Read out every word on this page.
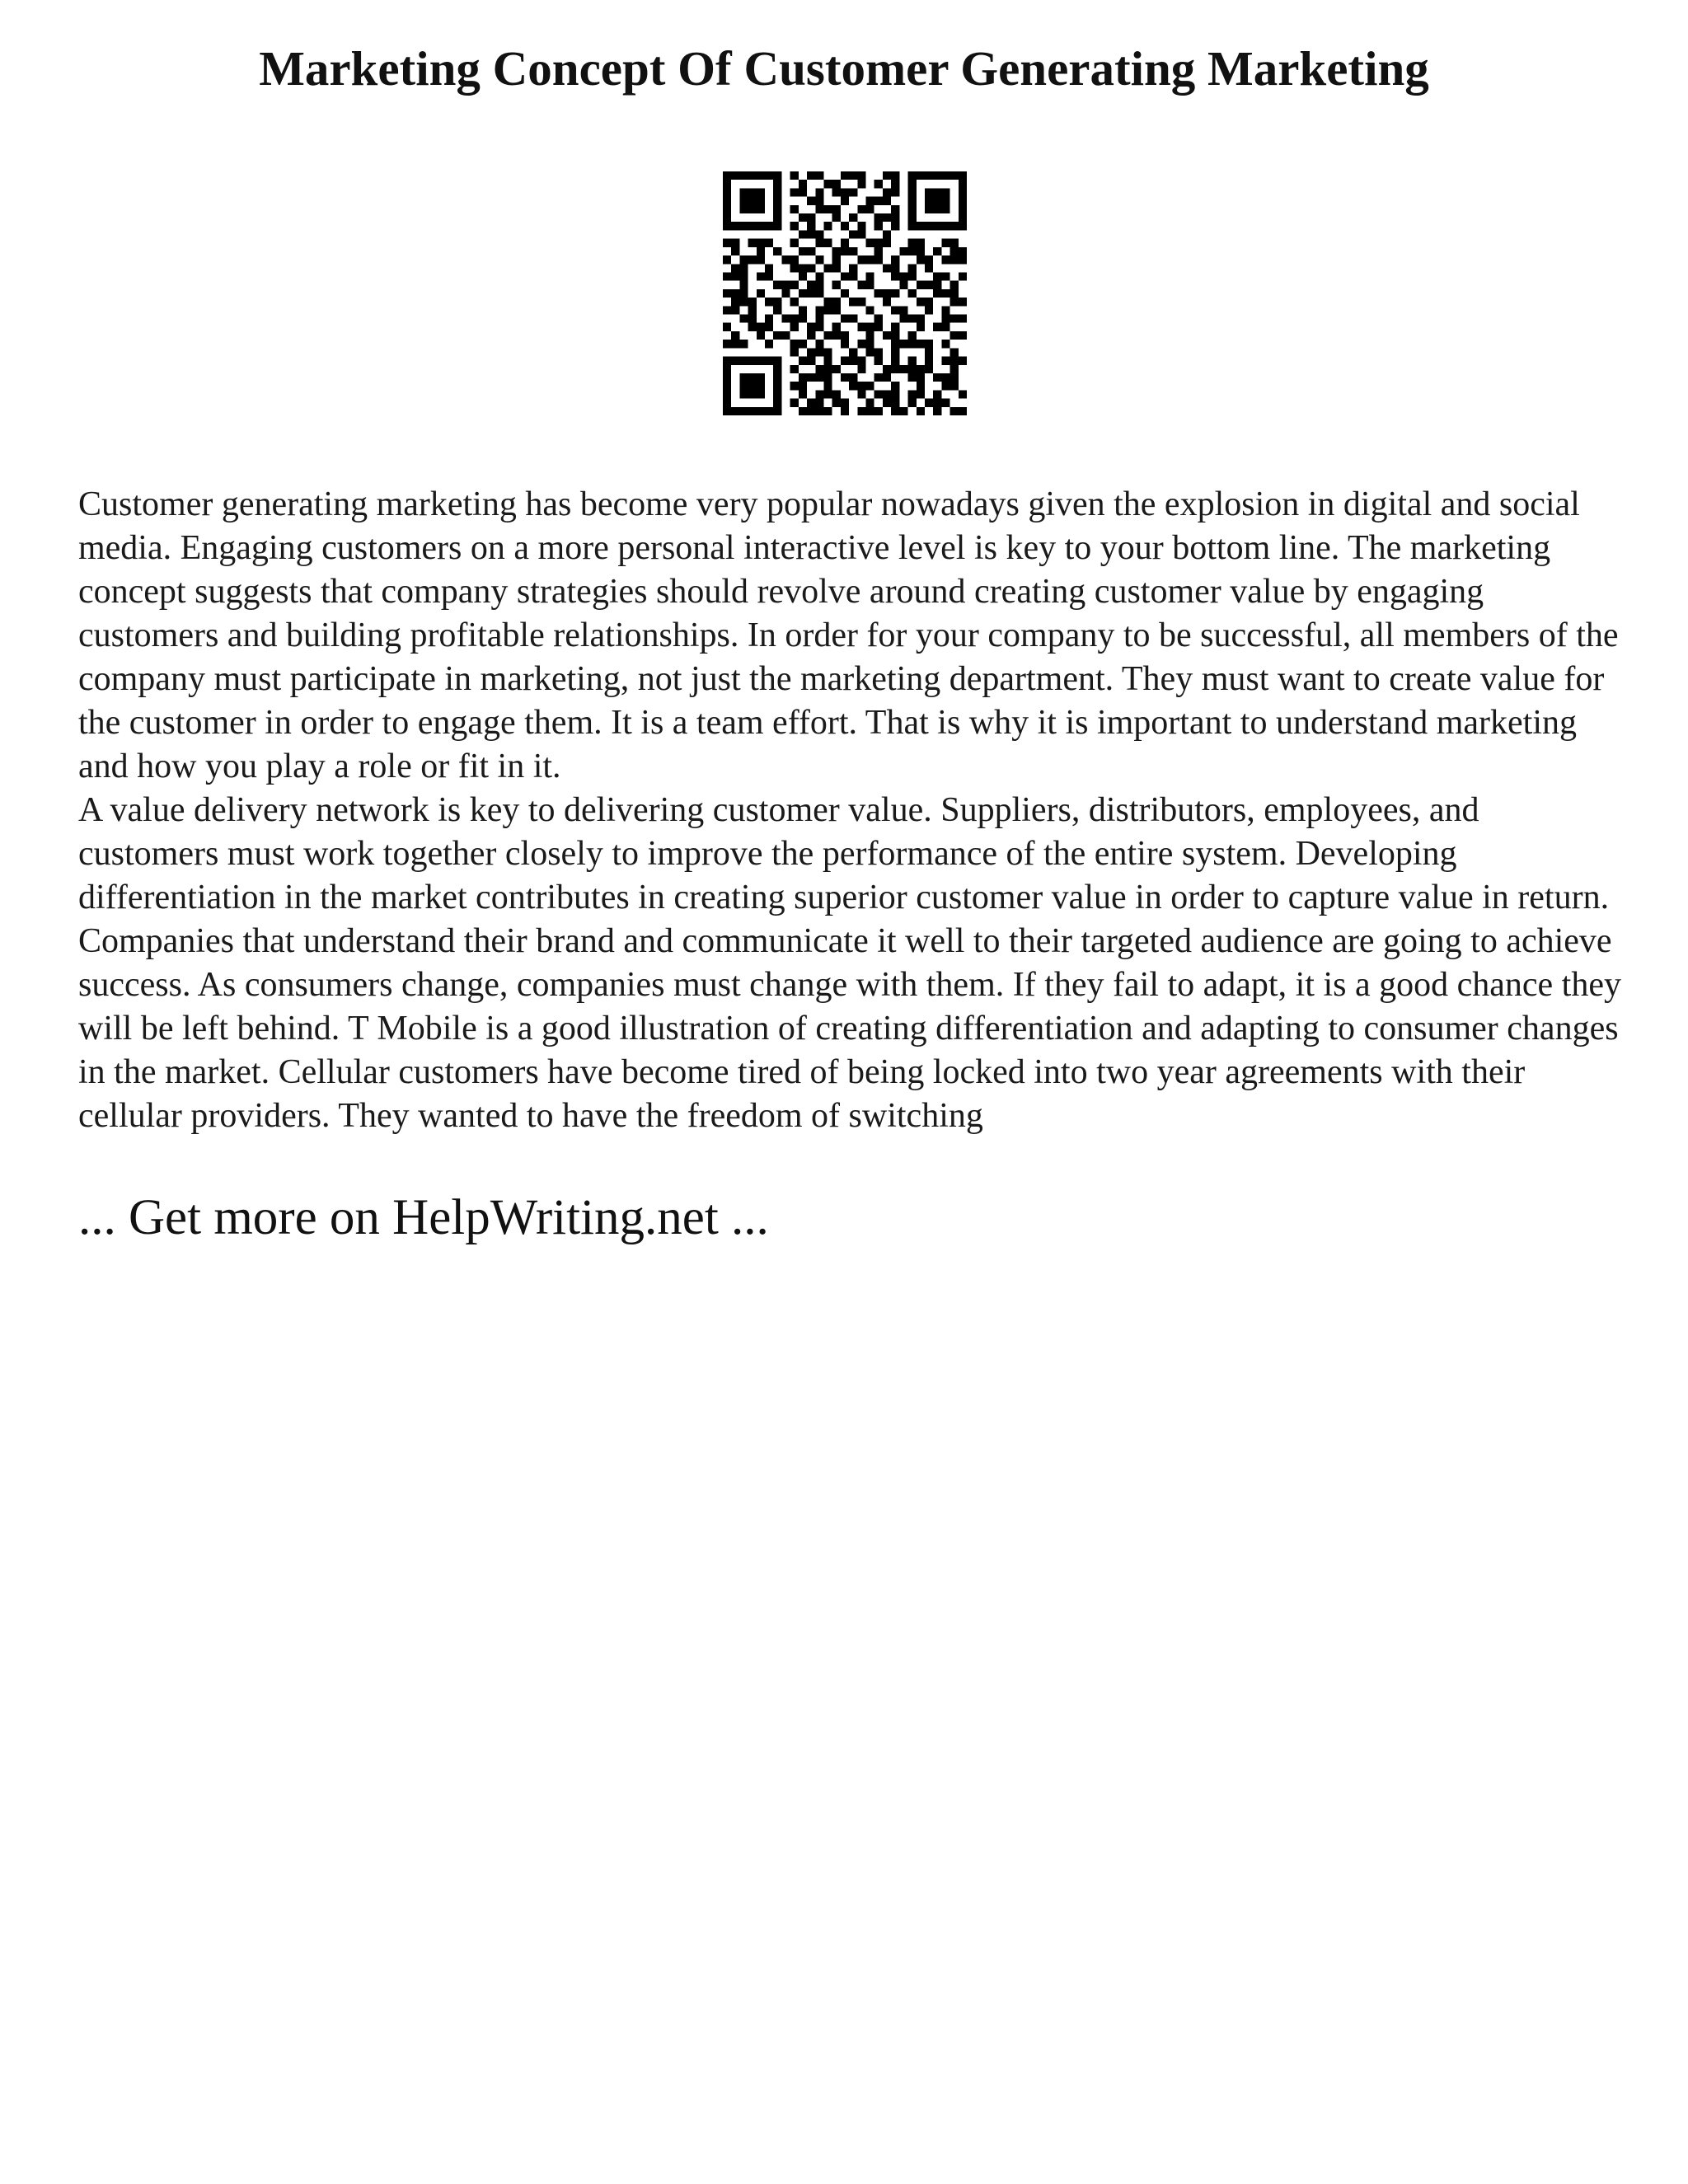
Marketing Concept Of Customer Generating Marketing

Customer generating marketing has become very popular nowadays given the explosion in digital and social media. Engaging customers on a more personal interactive level is key to your bottom line. The marketing concept suggests that company strategies should revolve around creating customer value by engaging customers and building profitable relationships. In order for your company to be successful, all members of the company must participate in marketing, not just the marketing department. They must want to create value for the customer in order to engage them. It is a team effort. That is why it is important to understand marketing and how you play a role or fit in it.

A value delivery network is key to delivering customer value. Suppliers, distributors, employees, and customers must work together closely to improve the performance of the entire system. Developing differentiation in the market contributes in creating superior customer value in order to capture value in return. Companies that understand their brand and communicate it well to their targeted audience are going to achieve success. As consumers change, companies must change with them. If they fail to adapt, it is a good chance they will be left behind. T Mobile is a good illustration of creating differentiation and adapting to consumer changes in the market. Cellular customers have become tired of being locked into two year agreements with their cellular providers. They wanted to have the freedom of switching

... Get more on HelpWriting.net ...
